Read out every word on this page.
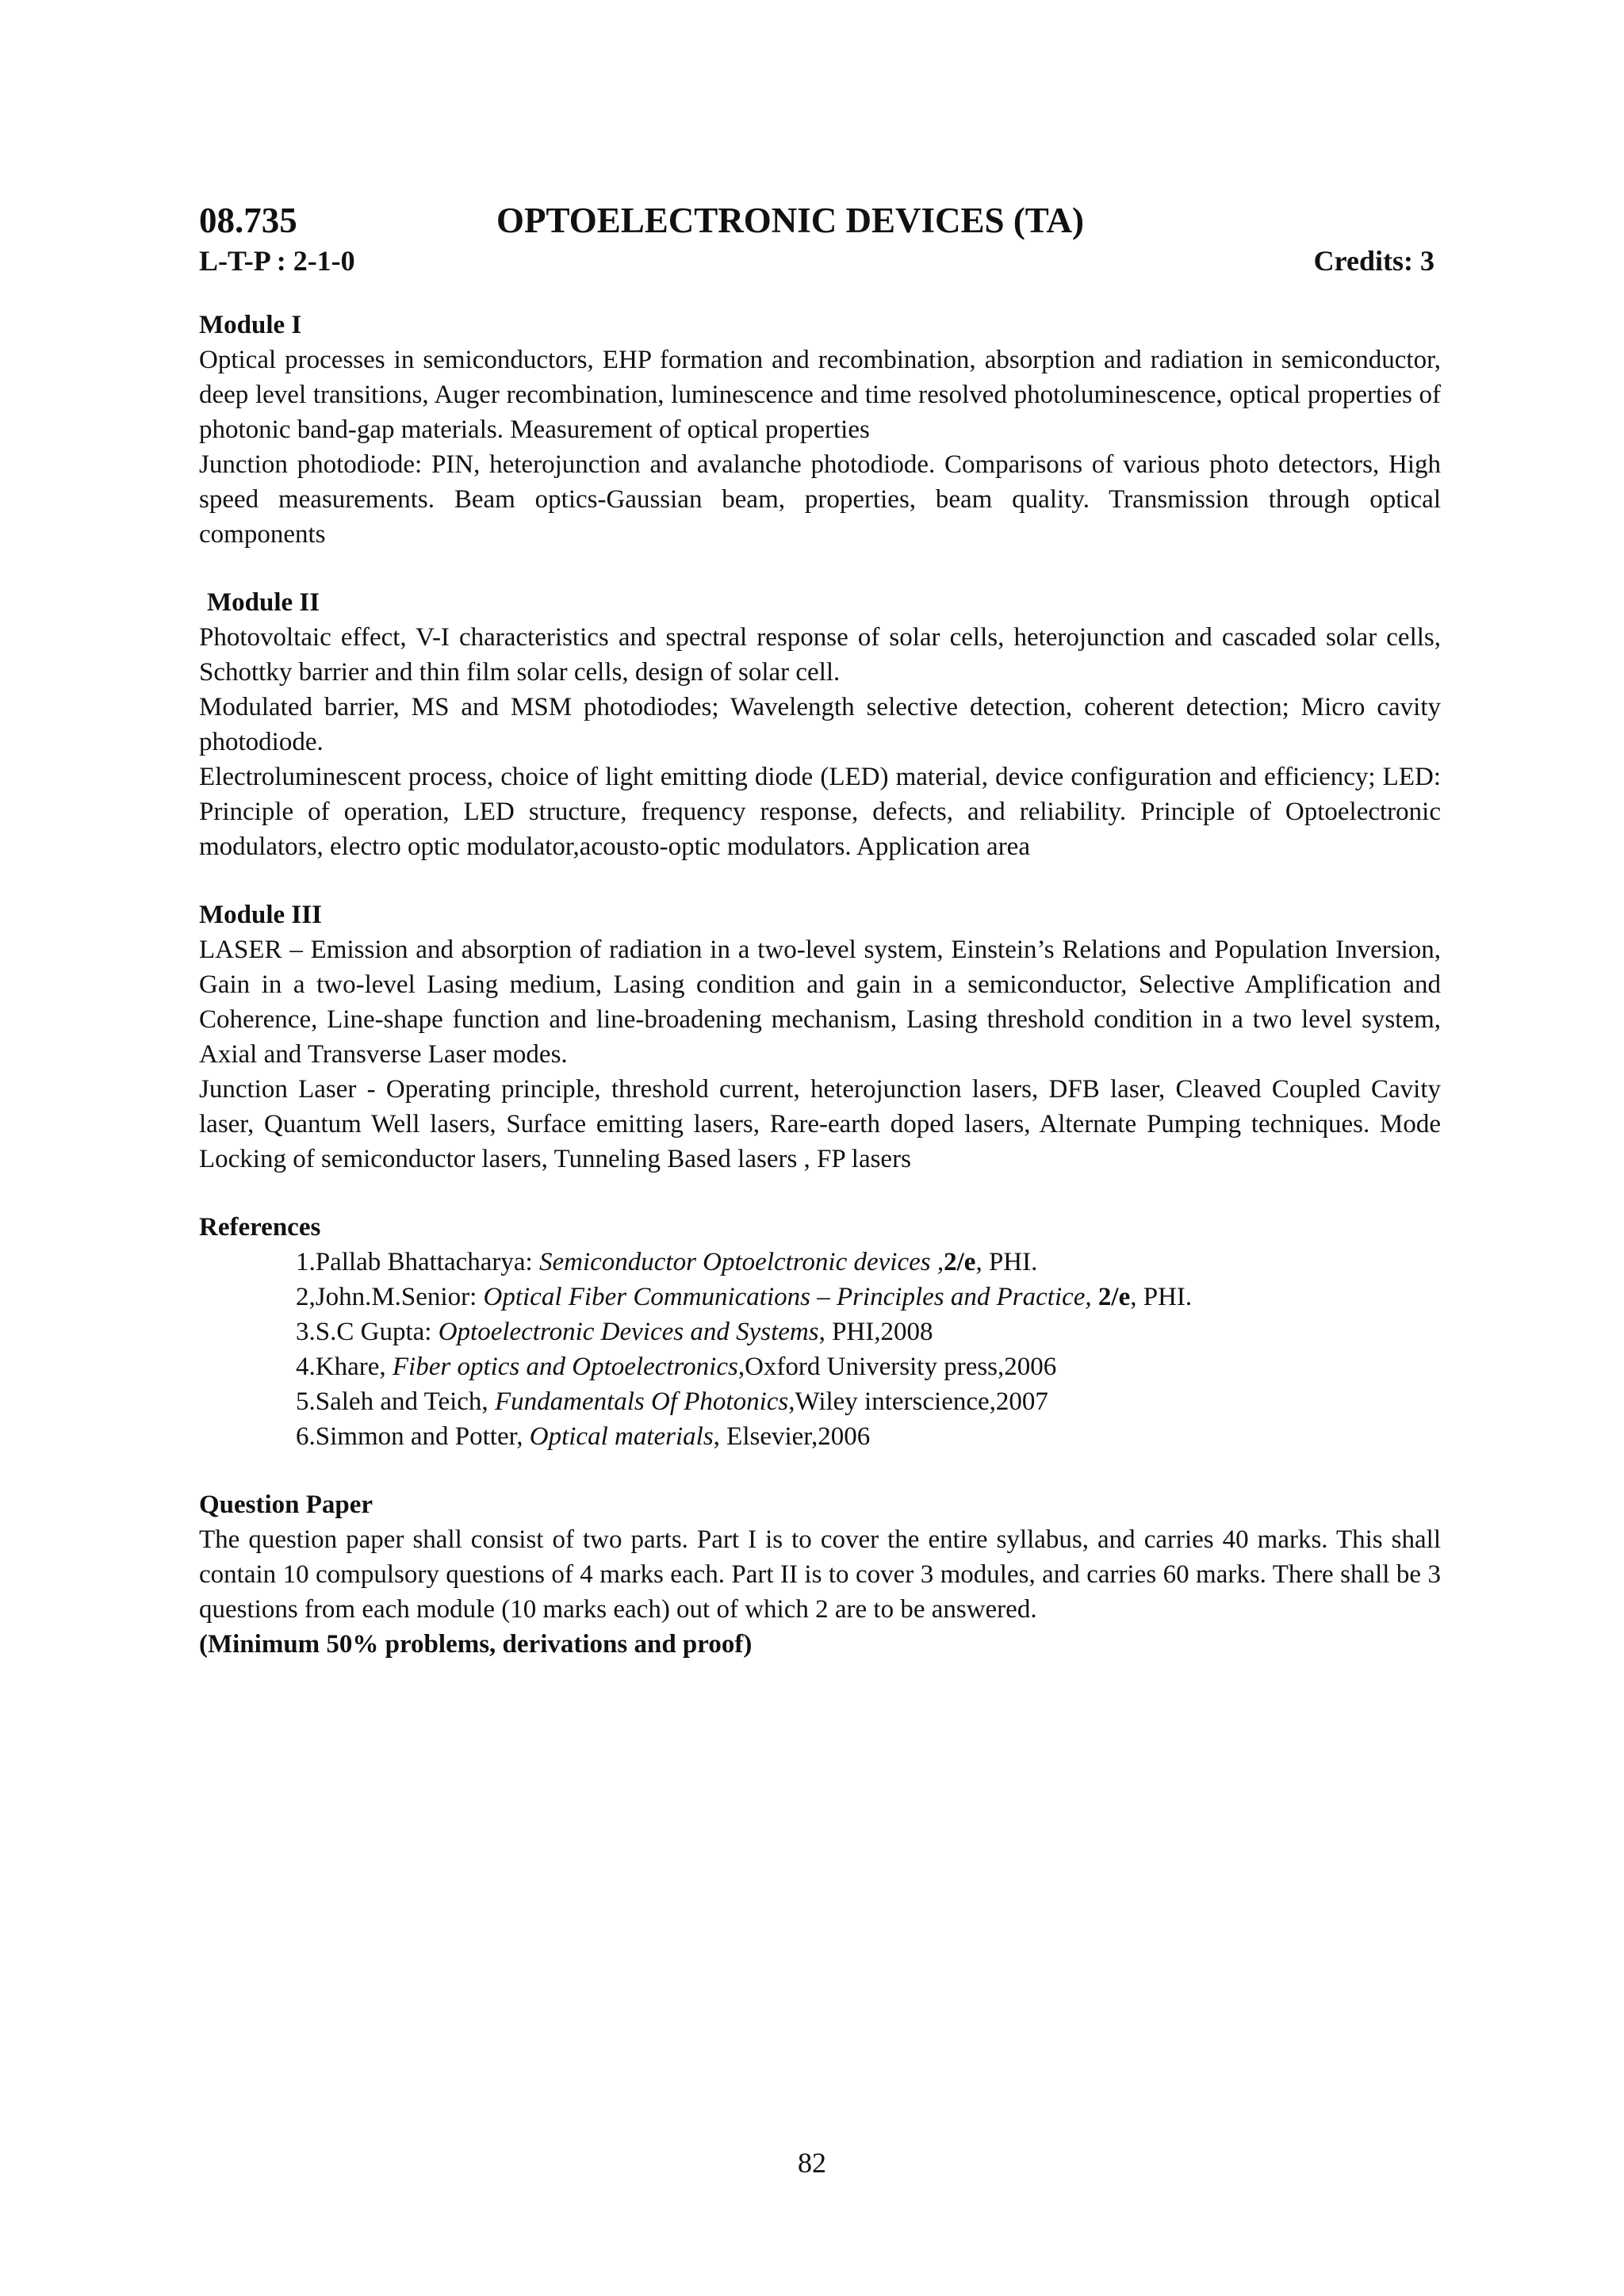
08.735	OPTOELECTRONIC DEVICES (TA)
L-T-P : 2-1-0	Credits: 3

Module I

Optical processes in semiconductors, EHP formation and recombination, absorption and radiation in semiconductor, deep level transitions, Auger recombination, luminescence and time resolved photoluminescence, optical properties of photonic band-gap materials. Measurement of optical properties

Junction photodiode: PIN, heterojunction and avalanche photodiode. Comparisons of various photo detectors, High speed measurements. Beam optics-Gaussian beam, properties, beam quality. Transmission through optical components

Module II

Photovoltaic effect, V-I characteristics and spectral response of solar cells, heterojunction and cascaded solar cells, Schottky barrier and thin film solar cells, design of solar cell.

Modulated barrier, MS and MSM photodiodes; Wavelength selective detection, coherent detection; Micro cavity photodiode.

Electroluminescent process, choice of light emitting diode (LED) material, device configuration and efficiency; LED: Principle of operation, LED structure, frequency response, defects, and reliability. Principle of Optoelectronic modulators, electro optic modulator,acousto-optic modulators. Application area

Module III

LASER – Emission and absorption of radiation in a two-level system, Einstein’s Relations and Population Inversion, Gain in a two-level Lasing medium, Lasing condition and gain in a semiconductor, Selective Amplification and Coherence, Line-shape function and line-broadening mechanism, Lasing threshold condition in a two level system, Axial and Transverse Laser modes.

Junction Laser - Operating principle, threshold current, heterojunction lasers, DFB laser, Cleaved Coupled Cavity laser, Quantum Well lasers, Surface emitting lasers, Rare-earth doped lasers, Alternate Pumping techniques. Mode Locking of semiconductor lasers, Tunneling Based lasers , FP lasers

References

1.Pallab Bhattacharya: Semiconductor Optoelctronic devices ,2/e, PHI.
2,John.M.Senior: Optical Fiber Communications – Principles and Practice, 2/e, PHI.
3.S.C Gupta: Optoelectronic Devices and Systems, PHI,2008
4.Khare, Fiber optics and Optoelectronics,Oxford University press,2006
5.Saleh and Teich, Fundamentals Of Photonics,Wiley interscience,2007
6.Simmon and Potter, Optical materials, Elsevier,2006

Question Paper

The question paper shall consist of two parts. Part I is to cover the entire syllabus, and carries 40 marks. This shall contain 10 compulsory questions of 4 marks each. Part II is to cover 3 modules, and carries 60 marks. There shall be 3 questions from each module (10 marks each) out of which 2 are to be answered.

(Minimum 50% problems, derivations and proof)

82
